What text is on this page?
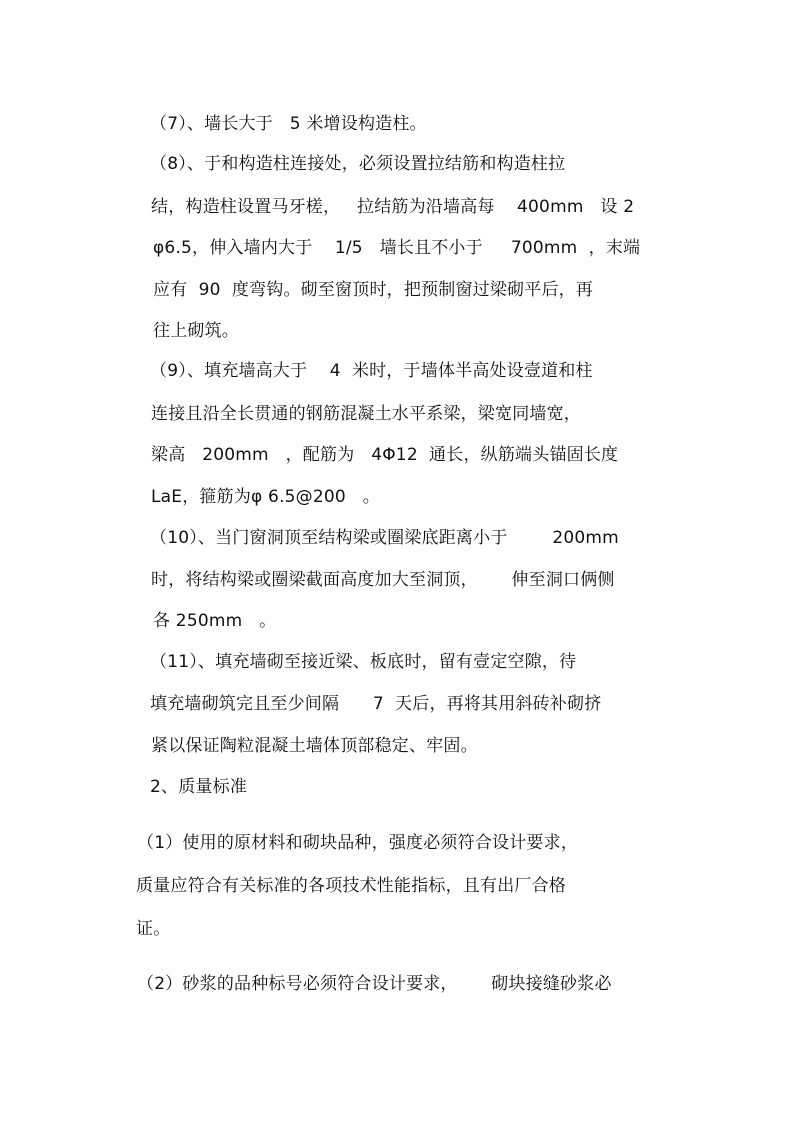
（7）、墙长大于   5 米增设构造柱。
（8）、于和构造柱连接处，必须设置拉结筋和构造柱拉
结，构造柱设置马牙槎，   拉结筋为沿墙高每    400mm   设 2
φ6.5，伸入墙内大于    1/5   墙长且不小于     700mm  ，末端
应有  90  度弯钩。砌至窗顶时，把预制窗过梁砌平后，再
往上砌筑。
（9）、填充墙高大于    4  米时，于墙体半高处设壹道和柱
连接且沿全长贯通的钢筋混凝土水平系梁，梁宽同墙宽，
梁高   200mm   ，配筋为   4Φ12  通长，纵筋端头锚固长度
LaE，箍筋为φ 6.5@200   。
（10）、当门窗洞顶至结构梁或圈梁底距离小于        200mm
时，将结构梁或圈梁截面高度加大至洞顶，      伸至洞口俩侧
各 250mm   。
（11）、填充墙砌至接近梁、板底时，留有壹定空隙，待
填充墙砌筑完且至少间隔      7  天后，再将其用斜砖补砌挤
紧以保证陶粒混凝土墙体顶部稳定、牢固。
2、质量标准
（1）使用的原材料和砌块品种，强度必须符合设计要求，
质量应符合有关标准的各项技术性能指标，且有出厂合格
证。
（2）砂浆的品种标号必须符合设计要求，      砌块接缝砂浆必
